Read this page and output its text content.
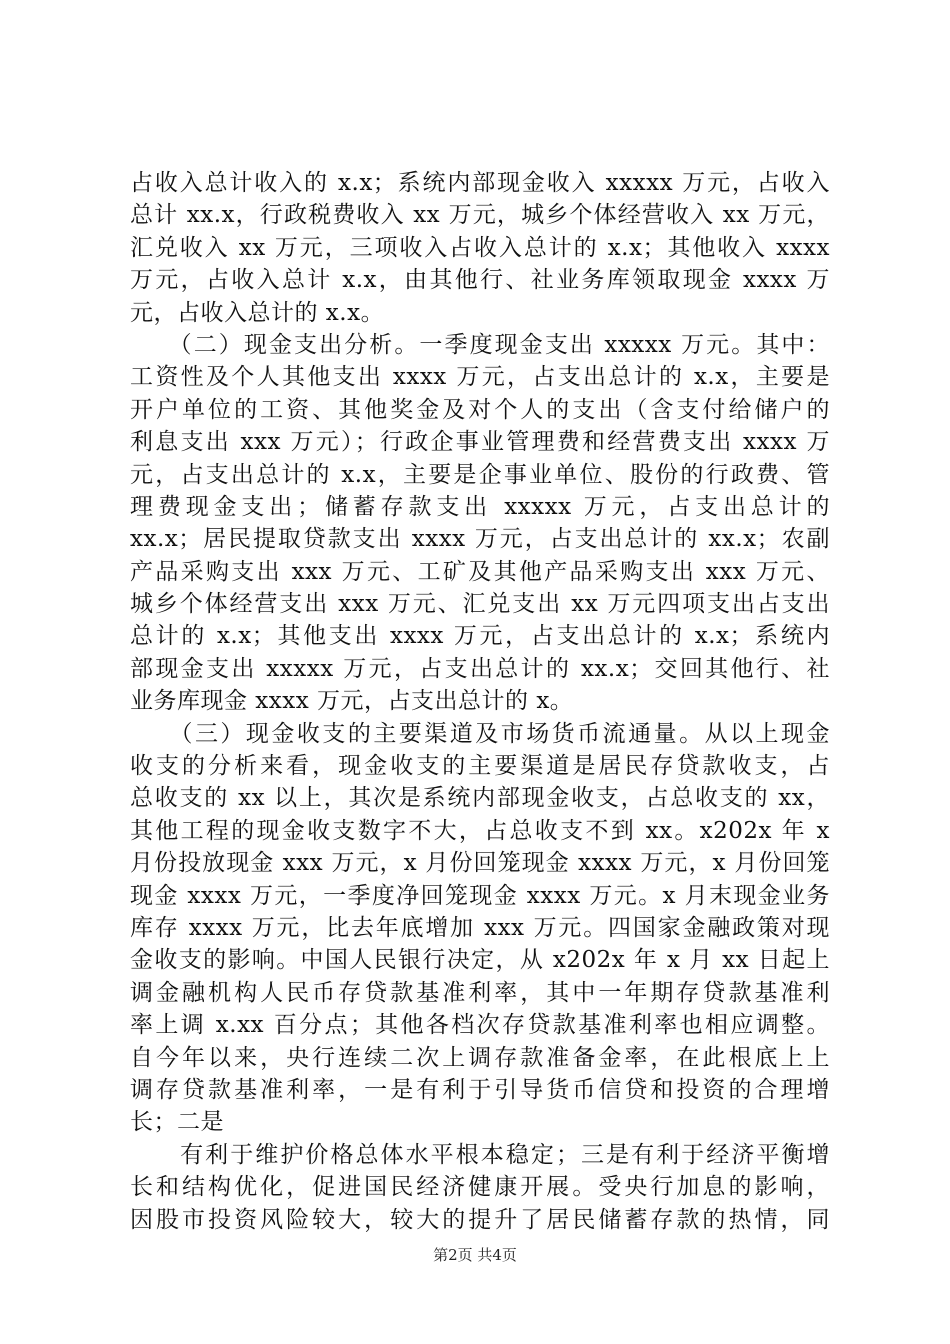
占收入总计收入的 x.x；系统内部现金收入 xxxxx 万元，占收入
总计 xx.x，行政税费收入 xx 万元，城乡个体经营收入 xx 万元，
汇兑收入 xx 万元，三项收入占收入总计的 x.x；其他收入 xxxx
万元，占收入总计 x.x，由其他行、社业务库领取现金 xxxx 万
元，占收入总计的 x.x。
　　（二）现金支出分析。一季度现金支出 xxxxx 万元。其中：
工资性及个人其他支出 xxxx 万元，占支出总计的 x.x，主要是
开户单位的工资、其他奖金及对个人的支出（含支付给储户的
利息支出 xxx 万元）；行政企事业管理费和经营费支出 xxxx 万
元，占支出总计的 x.x，主要是企事业单位、股份的行政费、管
理费现金支出；储蓄存款支出 xxxxx 万元，占支出总计的
xx.x；居民提取贷款支出 xxxx 万元，占支出总计的 xx.x；农副
产品采购支出 xxx 万元、工矿及其他产品采购支出 xxx 万元、
城乡个体经营支出 xxx 万元、汇兑支出 xx 万元四项支出占支出
总计的 x.x；其他支出 xxxx 万元，占支出总计的 x.x；系统内
部现金支出 xxxxx 万元，占支出总计的 xx.x；交回其他行、社
业务库现金 xxxx 万元，占支出总计的 x。
　　（三）现金收支的主要渠道及市场货币流通量。从以上现金
收支的分析来看，现金收支的主要渠道是居民存贷款收支，占
总收支的 xx 以上，其次是系统内部现金收支，占总收支的 xx，
其他工程的现金收支数字不大，占总收支不到 xx。x202x 年 x
月份投放现金 xxx 万元，x 月份回笼现金 xxxx 万元，x 月份回笼
现金 xxxx 万元，一季度净回笼现金 xxxx 万元。x 月末现金业务
库存 xxxx 万元，比去年底增加 xxx 万元。四国家金融政策对现
金收支的影响。中国人民银行决定，从 x202x 年 x 月 xx 日起上
调金融机构人民币存贷款基准利率，其中一年期存贷款基准利
率上调 x.xx 百分点；其他各档次存贷款基准利率也相应调整。
自今年以来，央行连续二次上调存款准备金率，在此根底上上
调存贷款基准利率，一是有利于引导货币信贷和投资的合理增
长；二是
　　有利于维护价格总体水平根本稳定；三是有利于经济平衡增
长和结构优化，促进国民经济健康开展。受央行加息的影响，
因股市投资风险较大，较大的提升了居民储蓄存款的热情，同
第2页 共4页
